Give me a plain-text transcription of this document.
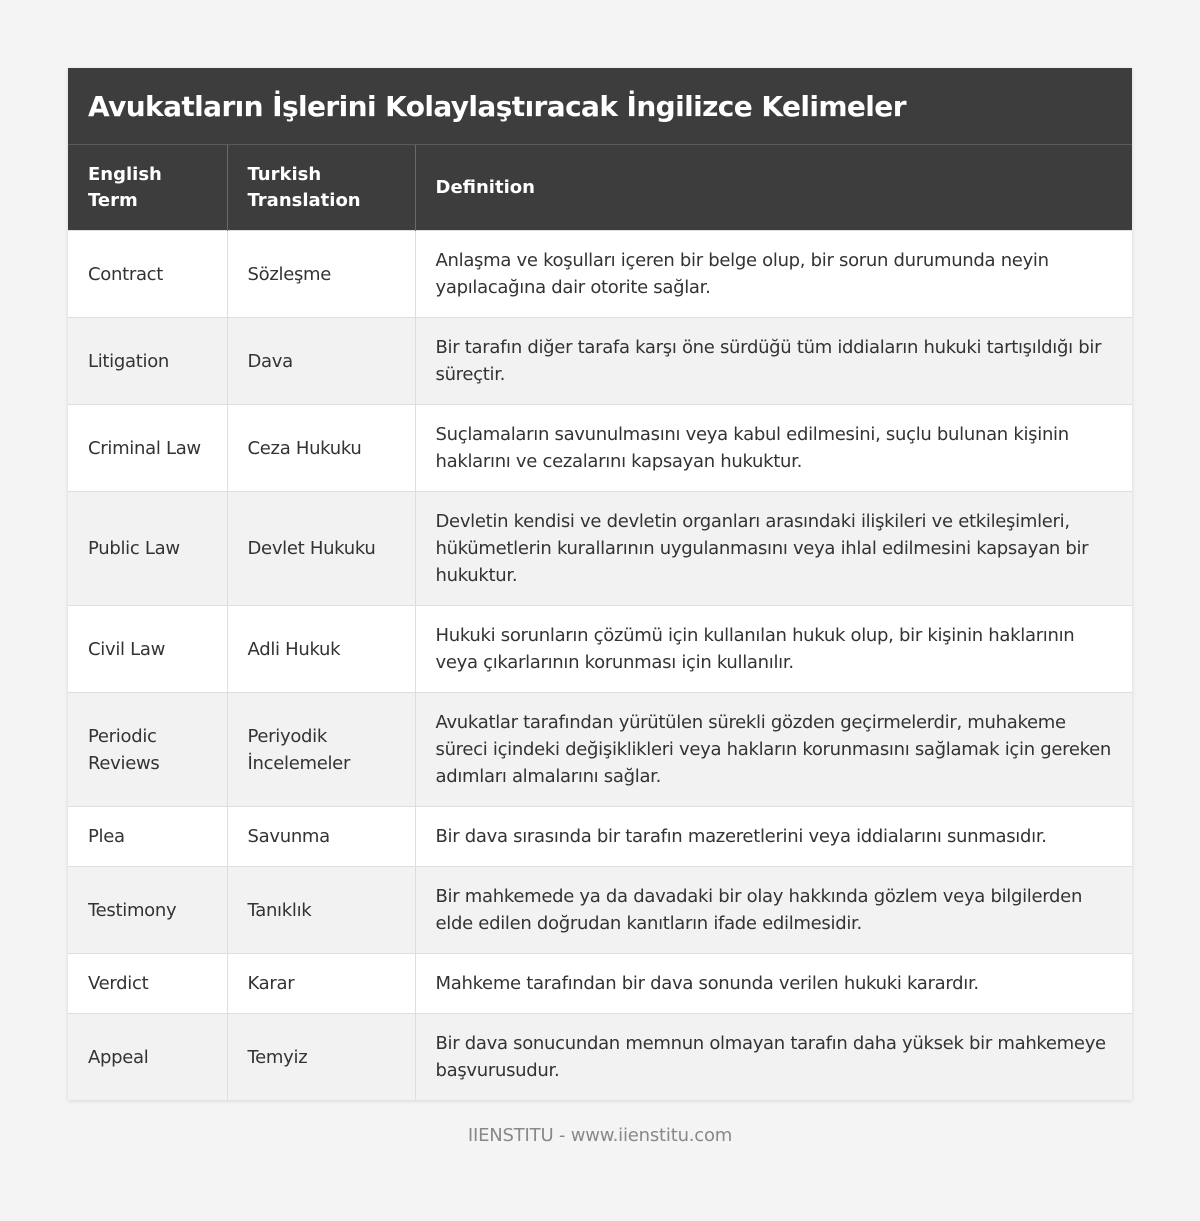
Avukatların İşlerini Kolaylaştıracak İngilizce Kelimeler
English Term	Turkish Translation	Definition
Contract	Sözleşme	Anlaşma ve koşulları içeren bir belge olup, bir sorun durumunda neyin yapılacağına dair otorite sağlar.
Litigation	Dava	Bir tarafın diğer tarafa karşı öne sürdüğü tüm iddiaların hukuki tartışıldığı bir süreçtir.
Criminal Law	Ceza Hukuku	Suçlamaların savunulmasını veya kabul edilmesini, suçlu bulunan kişinin haklarını ve cezalarını kapsayan hukuktur.
Public Law	Devlet Hukuku	Devletin kendisi ve devletin organları arasındaki ilişkileri ve etkileşimleri, hükümetlerin kurallarının uygulanmasını veya ihlal edilmesini kapsayan bir hukuktur.
Civil Law	Adli Hukuk	Hukuki sorunların çözümü için kullanılan hukuk olup, bir kişinin haklarının veya çıkarlarının korunması için kullanılır.
Periodic Reviews	Periyodik İncelemeler	Avukatlar tarafından yürütülen sürekli gözden geçirmelerdir, muhakeme süreci içindeki değişiklikleri veya hakların korunmasını sağlamak için gereken adımları almalarını sağlar.
Plea	Savunma	Bir dava sırasında bir tarafın mazeretlerini veya iddialarını sunmasıdır.
Testimony	Tanıklık	Bir mahkemede ya da davadaki bir olay hakkında gözlem veya bilgilerden elde edilen doğrudan kanıtların ifade edilmesidir.
Verdict	Karar	Mahkeme tarafından bir dava sonunda verilen hukuki karardır.
Appeal	Temyiz	Bir dava sonucundan memnun olmayan tarafın daha yüksek bir mahkemeye başvurusudur.
IIENSTITU - www.iienstitu.com
